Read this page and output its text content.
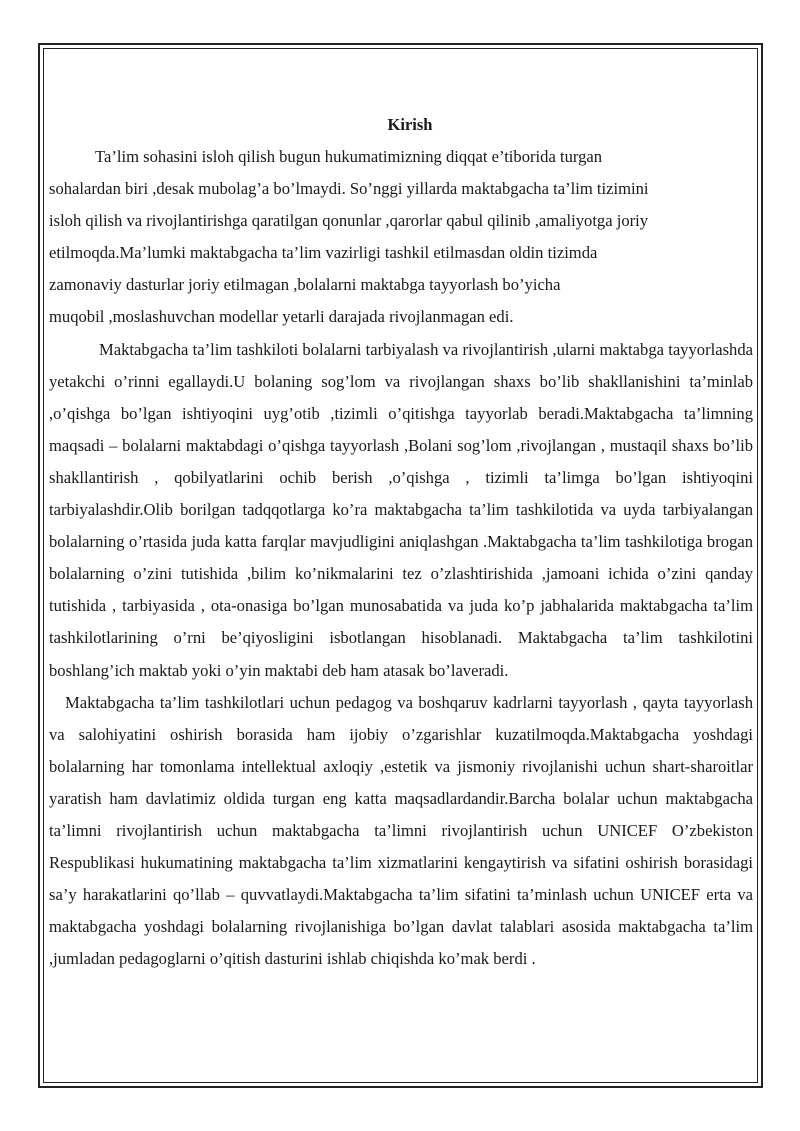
Kirish

Ta’lim sohasini isloh qilish bugun hukumatimizning diqqat e’tiborida turgan
sohalardan biri ,desak mubolag’a bo’lmaydi. So’nggi yillarda maktabgacha ta’lim tizimini
isloh qilish va rivojlantirishga qaratilgan qonunlar ,qarorlar qabul qilinib ,amaliyotga joriy
etilmoqda.Ma’lumki maktabgacha ta’lim vazirligi tashkil etilmasdan oldin tizimda
zamonaviy dasturlar joriy etilmagan ,bolalarni maktabga tayyorlash bo’yicha
muqobil ,moslashuvchan modellar yetarli darajada rivojlanmagan edi.

Maktabgacha ta’lim tashkiloti bolalarni tarbiyalash va rivojlantirish ,ularni maktabga tayyorlashda yetakchi o’rinni egallaydi.U bolaning sog’lom va rivojlangan shaxs bo’lib shakllanishini ta’minlab ,o’qishga bo’lgan ishtiyoqini uyg’otib ,tizimli o’qitishga tayyorlab beradi.Maktabgacha ta’limning maqsadi – bolalarni maktabdagi o’qishga tayyorlash ,Bolani sog’lom ,rivojlangan , mustaqil shaxs bo’lib shakllantirish , qobilyatlarini ochib berish ,o’qishga , tizimli ta’limga bo’lgan ishtiyoqini tarbiyalashdir.Olib borilgan tadqqotlarga ko’ra maktabgacha ta’lim tashkilotida va uyda tarbiyalangan bolalarning o’rtasida juda katta farqlar mavjudligini aniqlashgan .Maktabgacha ta’lim tashkilotiga brogan bolalarning o’zini tutishida ,bilim ko’nikmalarini tez o’zlashtirishida ,jamoani ichida o’zini qanday tutishida , tarbiyasida , ota-onasiga bo’lgan munosabatida va juda ko’p jabhalarida maktabgacha ta’lim tashkilotlarining o’rni be’qiyosligini isbotlangan hisoblanadi. Maktabgacha ta’lim tashkilotini boshlang’ich maktab yoki o’yin maktabi deb ham atasak bo’laveradi.

Maktabgacha ta’lim tashkilotlari uchun pedagog va boshqaruv kadrlarni tayyorlash , qayta tayyorlash va salohiyatini oshirish borasida ham ijobiy o’zgarishlar kuzatilmoqda.Maktabgacha yoshdagi bolalarning har tomonlama intellektual axloqiy ,estetik va jismoniy rivojlanishi uchun shart-sharoitlar yaratish ham davlatimiz oldida turgan eng katta maqsadlardandir.Barcha bolalar uchun maktabgacha ta’limni rivojlantirish uchun maktabgacha ta’limni rivojlantirish uchun UNICEF O’zbekiston Respublikasi hukumatining maktabgacha ta’lim xizmatlarini kengaytirish va sifatini oshirish borasidagi sa’y harakatlarini qo’llab – quvvatlaydi.Maktabgacha ta’lim sifatini ta’minlash uchun UNICEF erta va maktabgacha yoshdagi bolalarning rivojlanishiga bo’lgan davlat talablari asosida maktabgacha ta’lim ,jumladan pedagoglarni o’qitish dasturini ishlab chiqishda ko’mak berdi .
